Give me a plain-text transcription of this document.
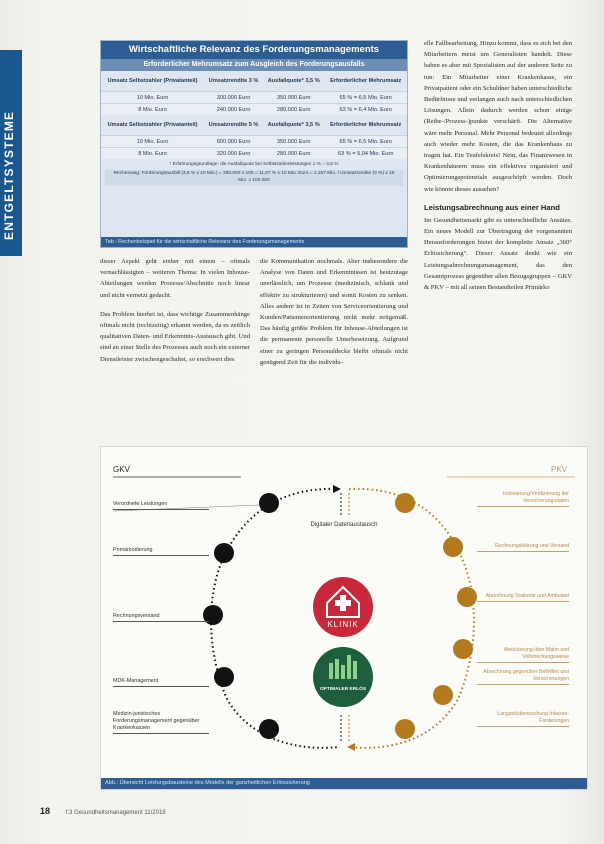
ENTGELTSYSTEME
Wirtschaftliche Relevanz des Forderungsmanagements
Erforderlicher Mehrumsatz zum Ausgleich des Forderungsausfalls
Umsatz Selbstzahler (Privatanteil)	Umsatzrendite 3 %	Ausfallquote* 3,5 %	Erforderlicher Mehrumsatz
10 Mio. Euro	300.000 Euro	350.000 Euro	65 % = 6,5 Mio. Euro
8 Mio. Euro	240.000 Euro	280.000 Euro	63 % = 6,4 Mio. Euro
Umsatz Selbstzahler (Privatanteil)	Umsatzrendite 5 %	Ausfallquote* 3,5 %	Erforderlicher Mehrumsatz
10 Mio. Euro	600.000 Euro	350.000 Euro	65 % = 6,5 Mio. Euro
8 Mio. Euro	320.000 Euro	280.000 Euro	63 % = 5,04 Mio. Euro
* Erfahrungsgrundlage: die Ausfallquote bei Selbstzahlerleistungen 1 % – 3,5 %
Rechenweg: Forderungsausfall (3,5 % x 10 Mio.) = 350.000 x 100 = 11,67 % x 10 Mio. Euro = 1,167 Mio. / Umsatzrendite (3 %) x 10 Mio. x 100.000
Tab.: Rechenbeispiel für die wirtschaftliche Relevanz des Forderungsmanagements

dieser Aspekt geht einher mit einem – oftmals vernachlässigten – weiteren Thema: In vielen Inhouse-Abteilungen werden Prozesse/Abschnitte noch linear und nicht vernetzt gedacht.

Das Problem hierbei ist, dass wichtige Zusammenhänge oftmals nicht (rechtzeitig) erkannt werden, da es zeitlich qualitativen Daten- und Erkenntnis-Austausch gibt. Und sind an einer Stelle des Prozesses auch noch ein externer Dienstleister zwischengeschaltet, so erschwert dies

die Kommunikation nochmals. Aber insbesondere die Analyse von Daten und Erkenntnissen ist heutzutage unerlässlich, um Prozesse (medizinisch, schlank und effektiv zu strukturieren) und somit Kosten zu senken. Alles andere ist in Zeiten von Serviceorientierung und Kunden/Patientenorientierung nicht mehr zeitgemäß. Das häufig größte Problem für Inhouse-Abteilungen ist die permanente personelle Unterbesetzung. Aufgrund einer zu geringen Personaldecke bleibt oftmals nicht genügend Zeit für die individu-

elle Fallbearbeitung. Hinzu kommt, dass es sich bei den Mitarbeitern meist um Generalisten handelt. Diese haben es aber mit Spezialisten auf der anderen Seite zu tun: Ein Mitarbeiter einer Krankenkasse, ein Privatpatient oder ein Schuldner haben unterschiedliche Bedürfnisse und verlangen auch nach unterschiedlichen Lösungen. Allein dadurch werden schon einige (Reibe-/Prozess-)punkte verschärft. Die Alternative wäre mehr Personal. Mehr Personal bedeutet allerdings auch wieder mehr Kosten, die das Krankenhaus zu tragen hat. Ein Teufelskreis! Nein, das Finanzwesen in Krankenhäusern muss ein effektives organisiert und Optimierungspotenziale ausgeschöpft werden. Doch wie könnte dieses aussehen?

Leistungsabrechnung aus einer Hand

Im Gesundheitsmarkt gibt es unterschiedliche Ansätze. Ein neues Modell zur Übertragung der vorgenannten Herausforderungen bietet der komplette Ansatz „360° Erlössicherung“. Dieser Ansatz denkt wie ein Leistungsabrechnungsmanagement, das den Gesamtprozess gegenüber allen Bezugsgruppen – GKV & PKV – mit all seinen Bestandteilen Primärko

GKV	PKV
Verordnete Leistungen
Primärkodierung
Rechnungsversand
MDK-Management
Medizin-juristisches Forderungsmanagement gegenüber Krankenkassen
Indexierung/Verifizierung der Versicherungsdaten
Rechnungsklärung und Versand
Abrechnung Stationär und Ambulant
Absicherung über Mahn und Vollstreckungsweise
Abrechnung gegenüber Beihilfen und Versicherungen
Langzeitüberwachung Inkasso-Forderungen
Digitaler Datenaustausch
KLINIK
OPTIMALER ERLÖS
Abb.: Übersicht Leistungsbausteine des Modells der ganzheitlichen Erlössicherung
18	f.3 Gesundheitsmanagement 11/2018
